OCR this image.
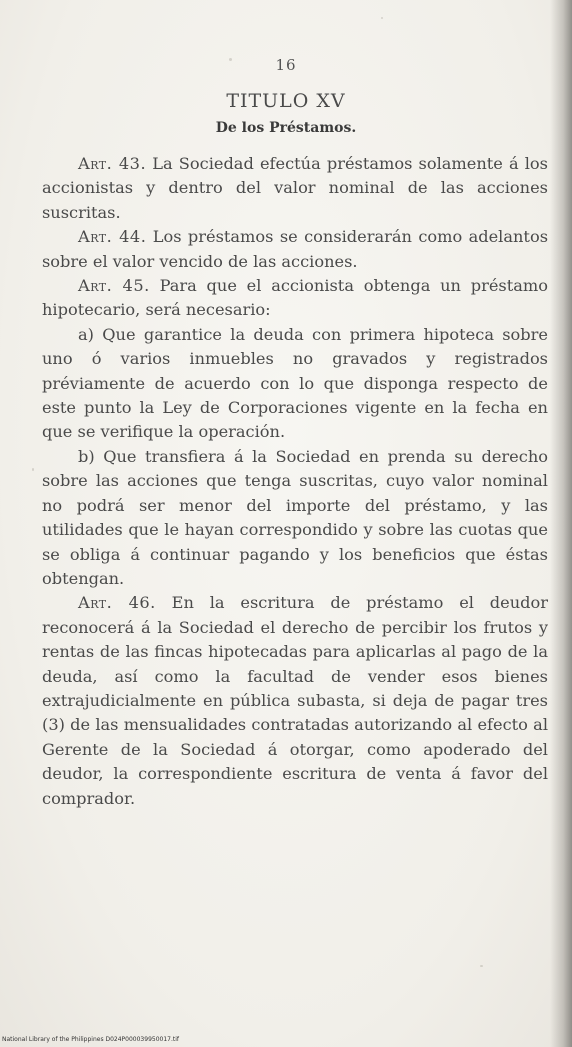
16
TITULO XV
De los Préstamos.

Art. 43. La Sociedad efectúa préstamos solamente á los accionistas y dentro del valor nominal de las acciones suscritas.

Art. 44. Los préstamos se considerarán como adelantos sobre el valor vencido de las acciones.

Art. 45. Para que el accionista obtenga un préstamo hipotecario, será necesario:

a) Que garantice la deuda con primera hipoteca sobre uno ó varios inmuebles no gravados y registrados préviamente de acuerdo con lo que disponga respecto de este punto la Ley de Corporaciones vigente en la fecha en que se verifique la operación.

b) Que transfiera á la Sociedad en prenda su derecho sobre las acciones que tenga suscritas, cuyo valor nominal no podrá ser menor del importe del préstamo, y las utilidades que le hayan correspondido y sobre las cuotas que se obliga á continuar pagando y los beneficios que éstas obtengan.

Art. 46. En la escritura de préstamo el deudor reconocerá á la Sociedad el derecho de percibir los frutos y rentas de las fincas hipotecadas para aplicarlas al pago de la deuda, así como la facultad de vender esos bienes extrajudicialmente en pública subasta, si deja de pagar tres (3) de las mensualidades contratadas autorizando al efecto al Gerente de la Sociedad á otorgar, como apoderado del deudor, la correspondiente escritura de venta á favor del comprador.

National Library of the Philippines D024P000039950017.tif
